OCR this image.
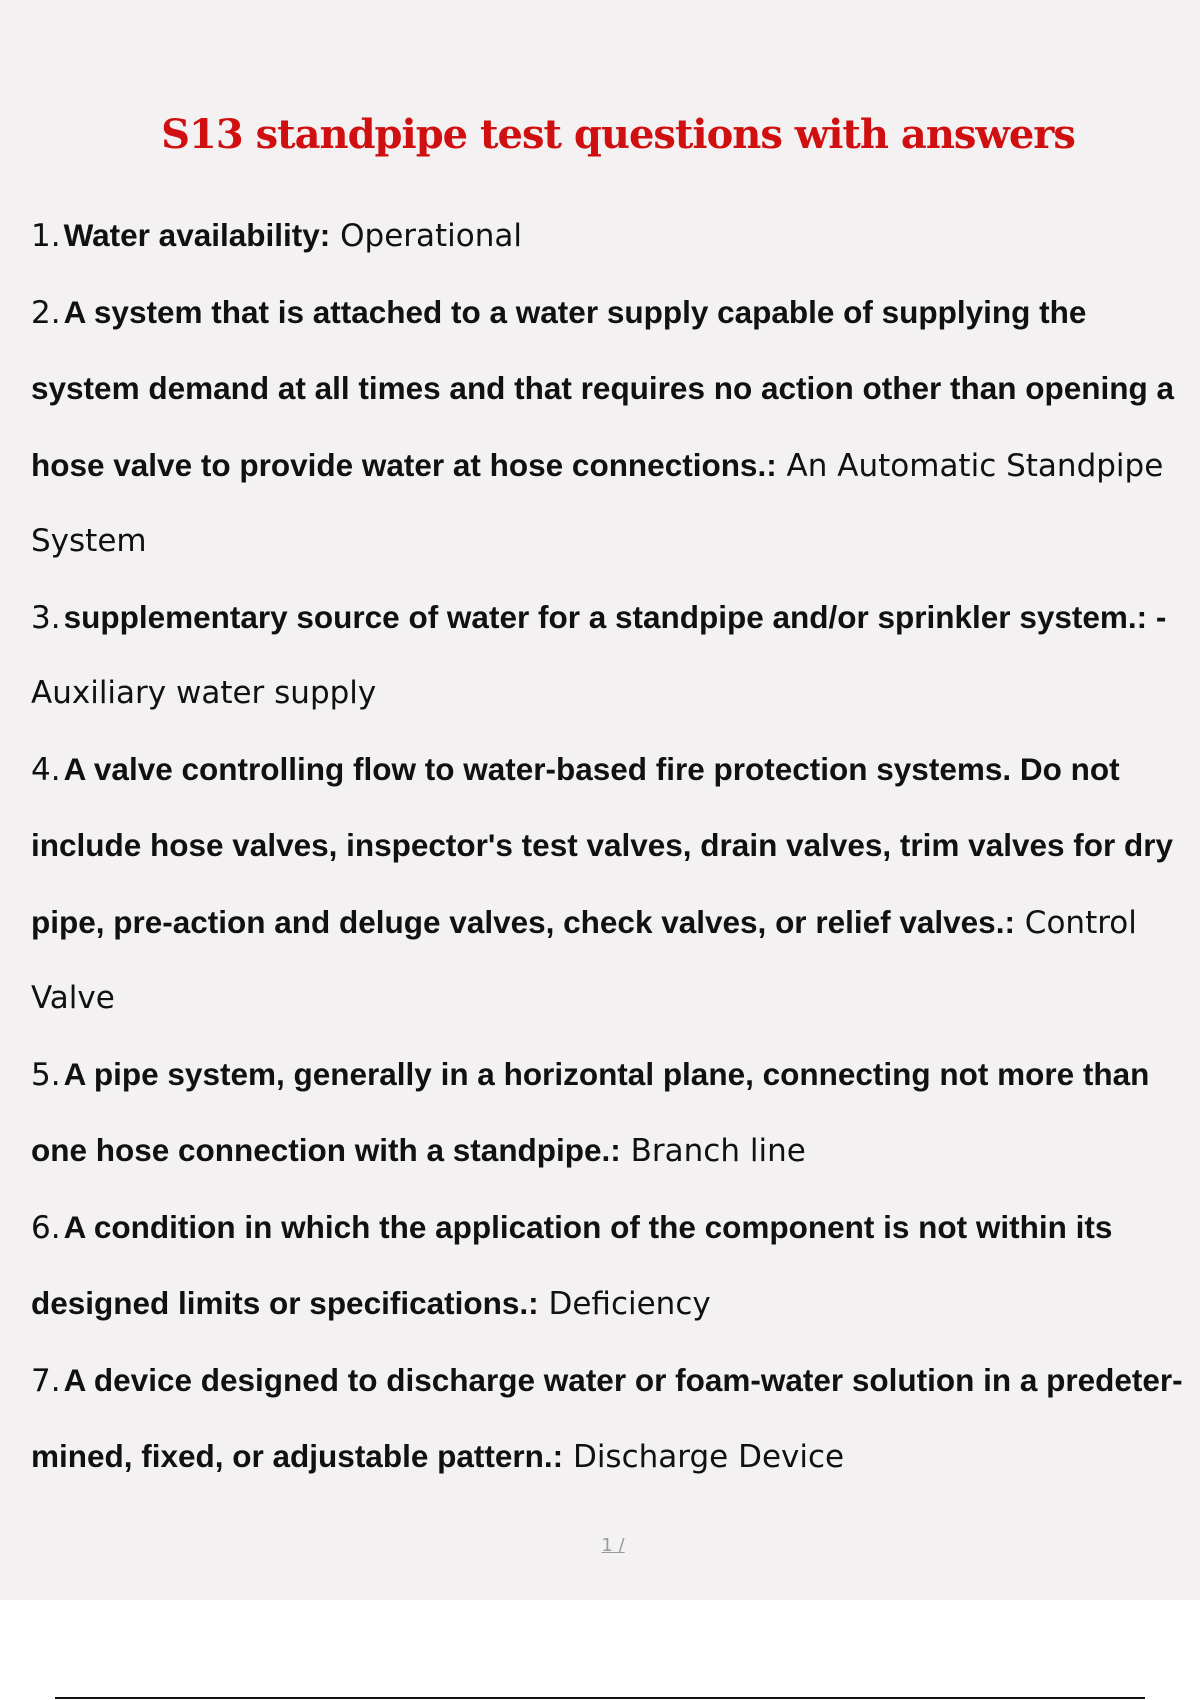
S13 standpipe test questions with answers
1.Water availability: Operational
2.A system that is attached to a water supply capable of supplying the system demand at all times and that requires no action other than opening a hose valve to provide water at hose connections.: An Automatic Standpipe System
3.supplementary source of water for a standpipe and/or sprinkler system.: - Auxiliary water supply
4.A valve controlling flow to water-based fire protection systems. Do not include hose valves, inspector's test valves, drain valves, trim valves for dry pipe, pre-action and deluge valves, check valves, or relief valves.: Control Valve
5.A pipe system, generally in a horizontal plane, connecting not more than one hose connection with a standpipe.: Branch line
6.A condition in which the application of the component is not within its designed limits or specifications.: Deficiency
7.A device designed to discharge water or foam-water solution in a predeter- mined, fixed, or adjustable pattern.: Discharge Device
1 /
